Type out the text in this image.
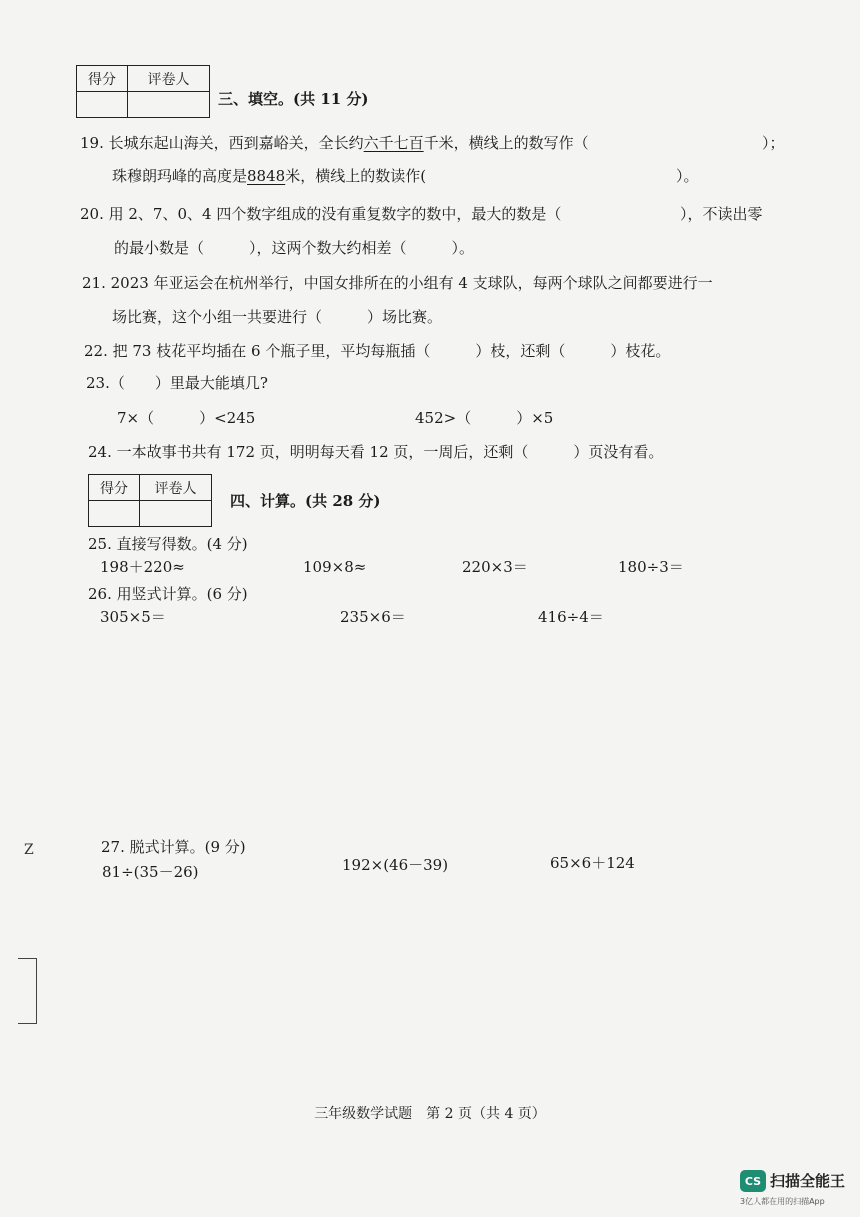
得分	评卷人

三、填空。(共 11 分)
19. 长城东起山海关，西到嘉峪关，全长约六千七百千米，横线上的数写作（	）；
珠穆朗玛峰的高度是8848米，横线上的数读作(	）。
20. 用 2、7、0、4 四个数字组成的没有重复数字的数中，最大的数是（	），不读出零
的最小数是（　　　），这两个数大约相差（　　　）。
21. 2023 年亚运会在杭州举行，中国女排所在的小组有 4 支球队，每两个球队之间都要进行一
场比赛，这个小组一共要进行（　　　）场比赛。
22. 把 73 枝花平均插在 6 个瓶子里，平均每瓶插（　　　）枝，还剩（　　　）枝花。
23.（　　）里最大能填几?
7×（　　　）<245	452>（　　　）×5
24. 一本故事书共有 172 页，明明每天看 12 页，一周后，还剩（　　　）页没有看。
得分	评卷人

四、计算。(共 28 分)
25. 直接写得数。(4 分)
198＋220≈	109×8≈	220×3＝	180÷3＝
26. 用竖式计算。(6 分)
305×5＝	235×6＝	416÷4＝
Z	27. 脱式计算。(9 分)
81÷(35－26)	192×(46－39)	65×6＋124
三年级数学试题　第 2 页（共 4 页）
CS 扫描全能王
3亿人都在用的扫描App
